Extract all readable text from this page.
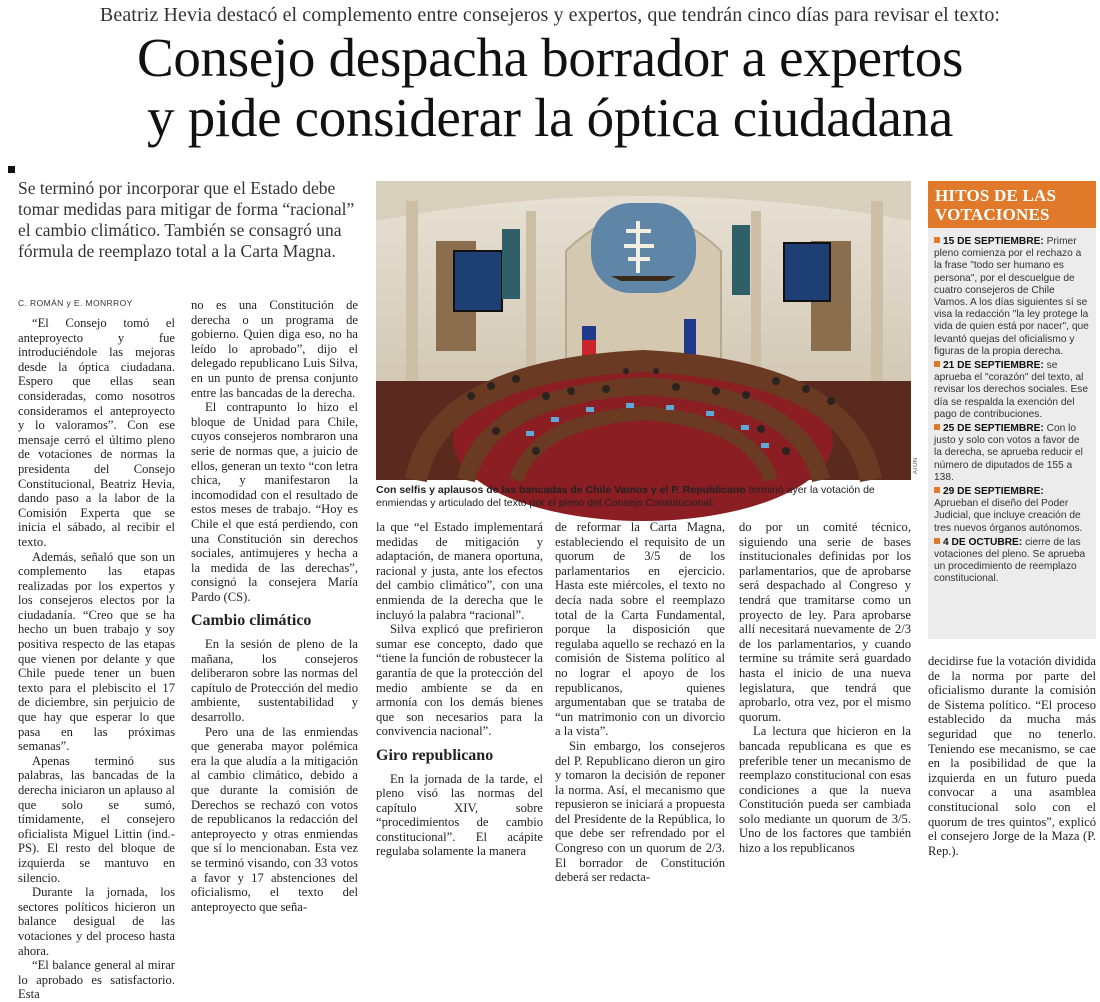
Beatriz Hevia destacó el complemento entre consejeros y expertos, que tendrán cinco días para revisar el texto:
Consejo despacha borrador a expertos
y pide considerar la óptica ciudadana
Se terminó por incorporar que el Estado debe tomar medidas para mitigar de forma “racional” el cambio climático. También se consagró una fórmula de reemplazo total a la Carta Magna.
C. ROMÁN y E. MONRROY

“El Consejo tomó el anteproyecto y fue introduciéndole las mejoras desde la óptica ciudadana. Espero que ellas sean consideradas, como nosotros consideramos el anteproyecto y lo valoramos”. Con ese mensaje cerró el último pleno de votaciones de normas la presidenta del Consejo Constitucional, Beatriz Hevia, dando paso a la labor de la Comisión Experta que se inicia el sábado, al recibir el texto.

Además, señaló que son un complemento las etapas realizadas por los expertos y los consejeros electos por la ciudadanía. “Creo que se ha hecho un buen trabajo y soy positiva respecto de las etapas que vienen por delante y que Chile puede tener un buen texto para el plebiscito el 17 de diciembre, sin perjuicio de que hay que esperar lo que pasa en las próximas semanas”.

Apenas terminó sus palabras, las bancadas de la derecha iniciaron un aplauso al que solo se sumó, tímidamente, el consejero oficialista Miguel Littin (ind.-PS). El resto del bloque de izquierda se mantuvo en silencio.

Durante la jornada, los sectores políticos hicieron un balance desigual de las votaciones y del proceso hasta ahora.

“El balance general al mirar lo aprobado es satisfactorio. Esta

no es una Constitución de derecha o un programa de gobierno. Quien diga eso, no ha leído lo aprobado”, dijo el delegado republicano Luis Silva, en un punto de prensa conjunto entre las bancadas de la derecha.

El contrapunto lo hizo el bloque de Unidad para Chile, cuyos consejeros nombraron una serie de normas que, a juicio de ellos, generan un texto “con letra chica, y manifestaron la incomodidad con el resultado de estos meses de trabajo. “Hoy es Chile el que está perdiendo, con una Constitución sin derechos sociales, antimujeres y hecha a la medida de las derechas”, consignó la consejera María Pardo (CS).

Cambio climático

En la sesión de pleno de la mañana, los consejeros deliberaron sobre las normas del capítulo de Protección del medio ambiente, sustentabilidad y desarrollo.

Pero una de las enmiendas que generaba mayor polémica era la que aludía a la mitigación al cambio climático, debido a que durante la comisión de Derechos se rechazó con votos de republicanos la redacción del anteproyecto y otras enmiendas que sí lo mencionaban. Esta vez se terminó visando, con 33 votos a favor y 17 abstenciones del oficialismo, el texto del anteproyecto que seña-

ATON
Con selfis y aplausos de las bancadas de Chile Vamos y el P. Republicano terminó ayer la votación de enmiendas y articulado del texto por el pleno del Consejo Constitucional.
HITOS DE LAS VOTACIONES
15 DE SEPTIEMBRE: Primer pleno comienza por el rechazo a la frase "todo ser humano es persona", por el descuelgue de cuatro consejeros de Chile Vamos. A los días siguientes sí se visa la redacción "la ley protege la vida de quien está por nacer", que levantó quejas del oficialismo y figuras de la propia derecha.
21 DE SEPTIEMBRE: se aprueba el "corazón" del texto, al revisar los derechos sociales. Ese día se respalda la exención del pago de contribuciones.
25 DE SEPTIEMBRE: Con lo justo y solo con votos a favor de la derecha, se aprueba reducir el número de diputados de 155 a 138.
29 DE SEPTIEMBRE: Aprueban el diseño del Poder Judicial, que incluye creación de tres nuevos órganos autónomos.
4 DE OCTUBRE: cierre de las votaciones del pleno. Se aprueba un procedimiento de reemplazo constitucional.

la que “el Estado implementará medidas de mitigación y adaptación, de manera oportuna, racional y justa, ante los efectos del cambio climático”, con una enmienda de la derecha que le incluyó la palabra “racional”.

Silva explicó que prefirieron sumar ese concepto, dado que “tiene la función de robustecer la garantía de que la protección del medio ambiente se da en armonía con los demás bienes que son necesarios para la convivencia nacional”.

Giro republicano

En la jornada de la tarde, el pleno visó las normas del capítulo XIV, sobre “procedimientos de cambio constitucional”. El acápite regulaba solamente la manera

de reformar la Carta Magna, estableciendo el requisito de un quorum de 3/5 de los parlamentarios en ejercicio. Hasta este miércoles, el texto no decía nada sobre el reemplazo total de la Carta Fundamental, porque la disposición que regulaba aquello se rechazó en la comisión de Sistema político al no lograr el apoyo de los republicanos, quienes argumentaban que se trataba de “un matrimonio con un divorcio a la vista”.

Sin embargo, los consejeros del P. Republicano dieron un giro y tomaron la decisión de reponer la norma. Así, el mecanismo que repusieron se iniciará a propuesta del Presidente de la República, lo que debe ser refrendado por el Congreso con un quorum de 2/3. El borrador de Constitución deberá ser redacta-

do por un comité técnico, siguiendo una serie de bases institucionales definidas por los parlamentarios, que de aprobarse será despachado al Congreso y tendrá que tramitarse como un proyecto de ley. Para aprobarse allí necesitará nuevamente de 2/3 de los parlamentarios, y cuando termine su trámite será guardado hasta el inicio de una nueva legislatura, que tendrá que aprobarlo, otra vez, por el mismo quorum.

La lectura que hicieron en la bancada republicana es que es preferible tener un mecanismo de reemplazo constitucional con esas condiciones a que la nueva Constitución pueda ser cambiada solo mediante un quorum de 3/5. Uno de los factores que también hizo a los republicanos

decidirse fue la votación dividida de la norma por parte del oficialismo durante la comisión de Sistema político. “El proceso establecido da mucha más seguridad que no tenerlo. Teniendo ese mecanismo, se cae en la posibilidad de que la izquierda en un futuro pueda convocar a una asamblea constitucional solo con el quorum de tres quintos”, explicó el consejero Jorge de la Maza (P. Rep.).
